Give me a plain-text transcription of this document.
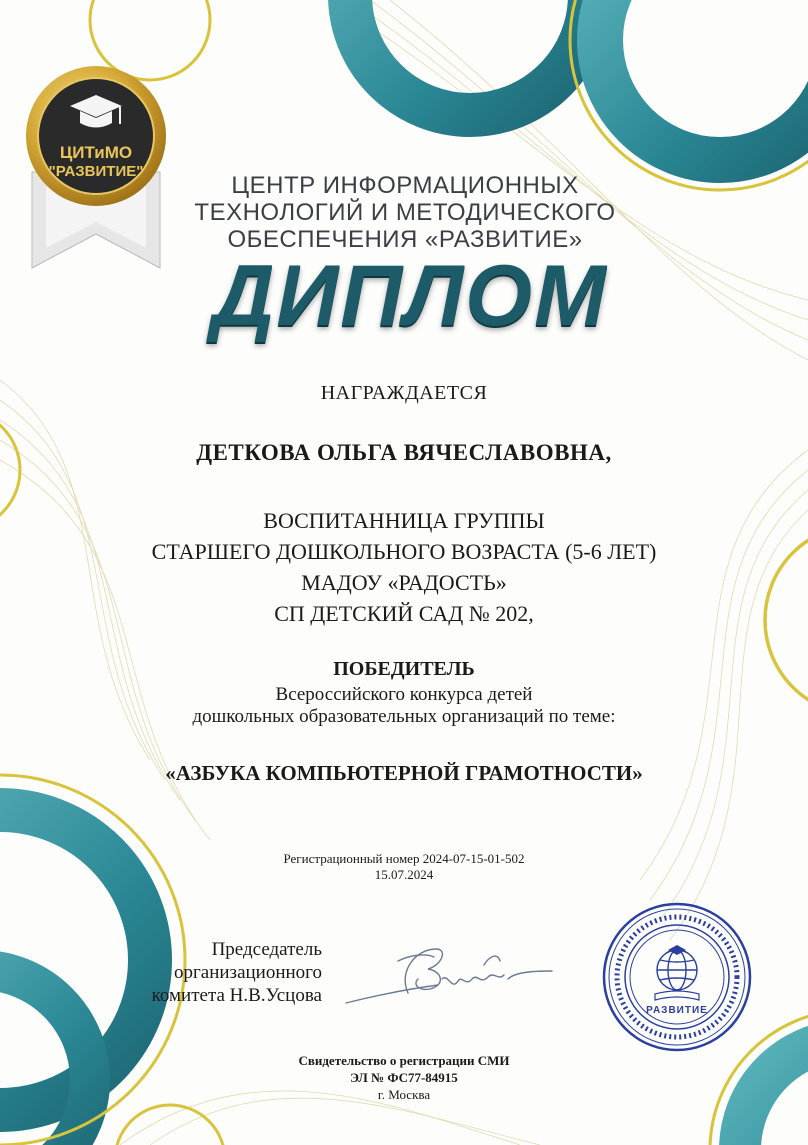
ЦИТиМО
"РАЗВИТИЕ"
ЦЕНТР ИНФОРМАЦИОННЫХ
ТЕХНОЛОГИЙ И МЕТОДИЧЕСКОГО
ОБЕСПЕЧЕНИЯ «РАЗВИТИЕ»
ДИПЛОМ
НАГРАЖДАЕТСЯ
ДЕТКОВА ОЛЬГА ВЯЧЕСЛАВОВНА,
ВОСПИТАННИЦА ГРУППЫ
СТАРШЕГО ДОШКОЛЬНОГО ВОЗРАСТА (5-6 ЛЕТ)
МАДОУ «РАДОСТЬ»
СП ДЕТСКИЙ САД № 202,
ПОБЕДИТЕЛЬ
Всероссийского конкурса детей
дошкольных образовательных организаций по теме:
«АЗБУКА КОМПЬЮТЕРНОЙ ГРАМОТНОСТИ»
Регистрационный номер 2024-07-15-01-502
15.07.2024
Председатель
организационного
комитета Н.В.Усцова
РАЗВИТИЕ
Свидетельство о регистрации СМИ
ЭЛ № ФС77-84915
г. Москва
